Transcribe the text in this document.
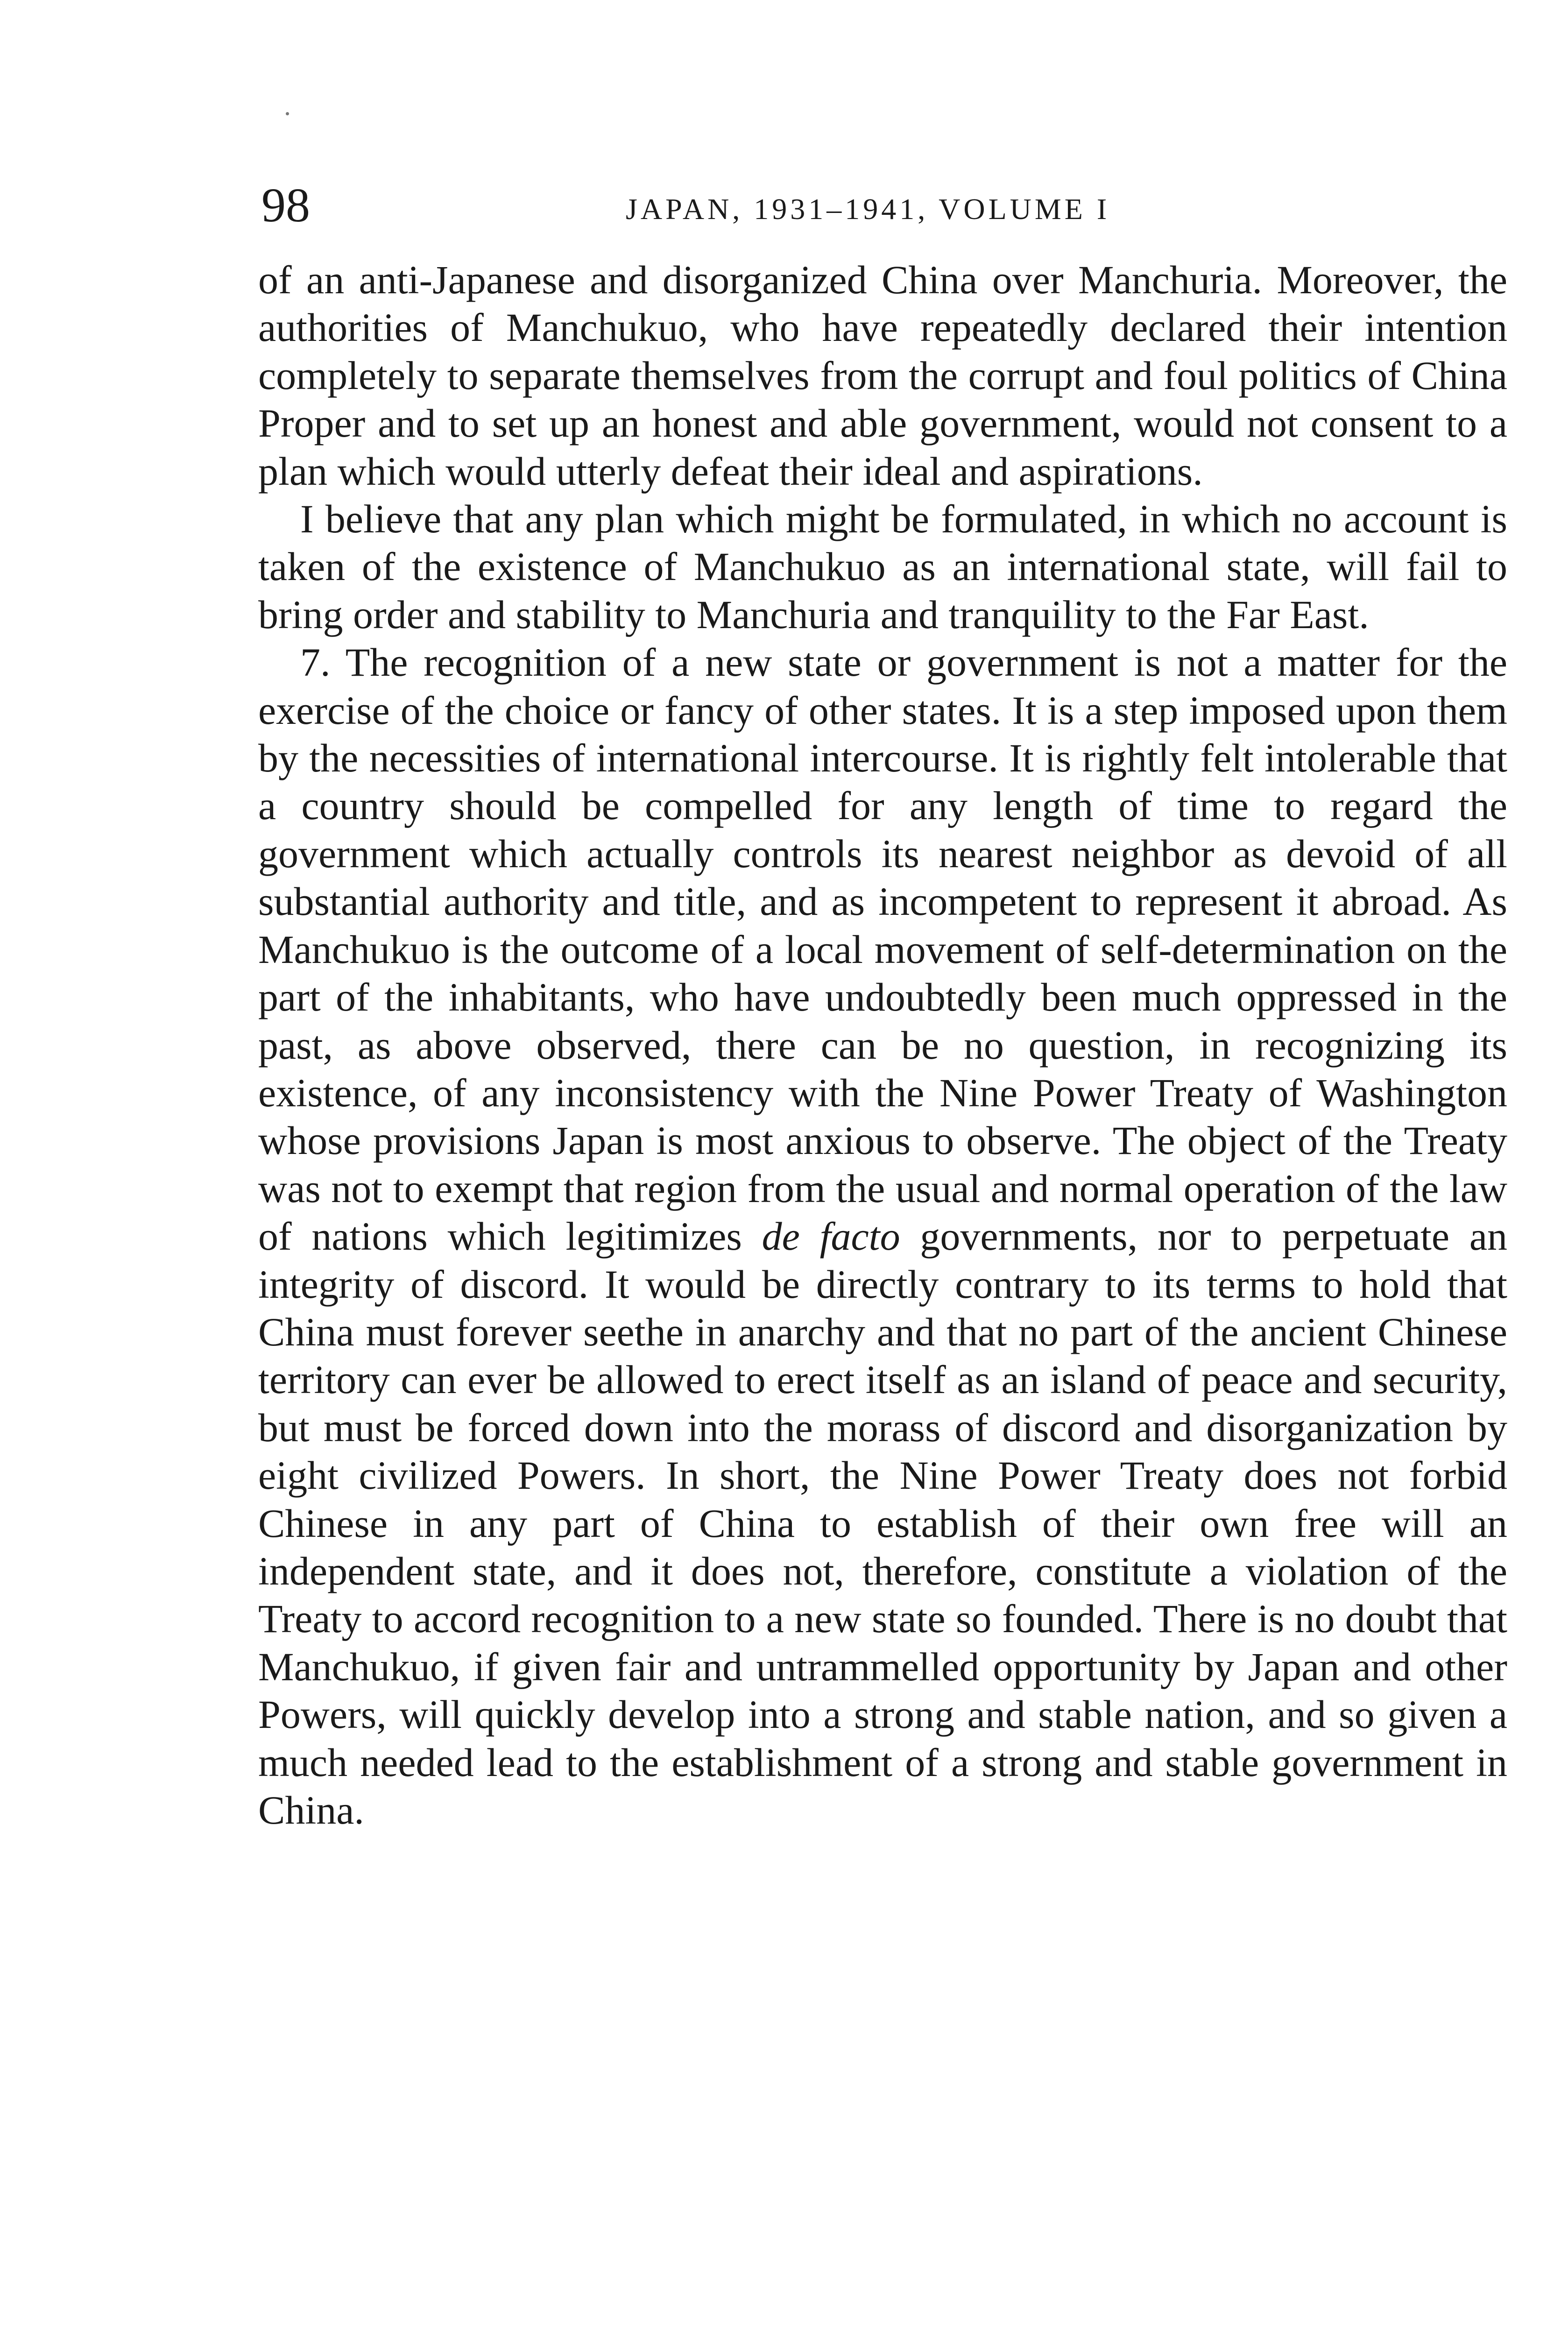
98	JAPAN, 1931–1941, VOLUME I

of an anti-Japanese and disorganized China over Manchuria. Moreover, the authorities of Manchukuo, who have repeatedly declared their intention completely to separate themselves from the corrupt and foul politics of China Proper and to set up an honest and able government, would not consent to a plan which would utterly defeat their ideal and aspirations.

I believe that any plan which might be formulated, in which no account is taken of the existence of Manchukuo as an international state, will fail to bring order and stability to Manchuria and tranquility to the Far East.

7. The recognition of a new state or government is not a matter for the exercise of the choice or fancy of other states. It is a step imposed upon them by the necessities of international intercourse. It is rightly felt intolerable that a country should be compelled for any length of time to regard the government which actually controls its nearest neighbor as devoid of all substantial authority and title, and as incompetent to represent it abroad. As Manchukuo is the outcome of a local movement of self-determination on the part of the inhabitants, who have undoubtedly been much oppressed in the past, as above observed, there can be no question, in recognizing its existence, of any inconsistency with the Nine Power Treaty of Washington whose provisions Japan is most anxious to observe. The object of the Treaty was not to exempt that region from the usual and normal operation of the law of nations which legitimizes de facto governments, nor to perpetuate an integrity of discord. It would be directly contrary to its terms to hold that China must forever seethe in anarchy and that no part of the ancient Chinese territory can ever be allowed to erect itself as an island of peace and security, but must be forced down into the morass of discord and disorganization by eight civilized Powers. In short, the Nine Power Treaty does not forbid Chinese in any part of China to establish of their own free will an independent state, and it does not, therefore, constitute a violation of the Treaty to accord recognition to a new state so founded. There is no doubt that Manchukuo, if given fair and untrammelled opportunity by Japan and other Powers, will quickly develop into a strong and stable nation, and so given a much needed lead to the establishment of a strong and stable government in China.
